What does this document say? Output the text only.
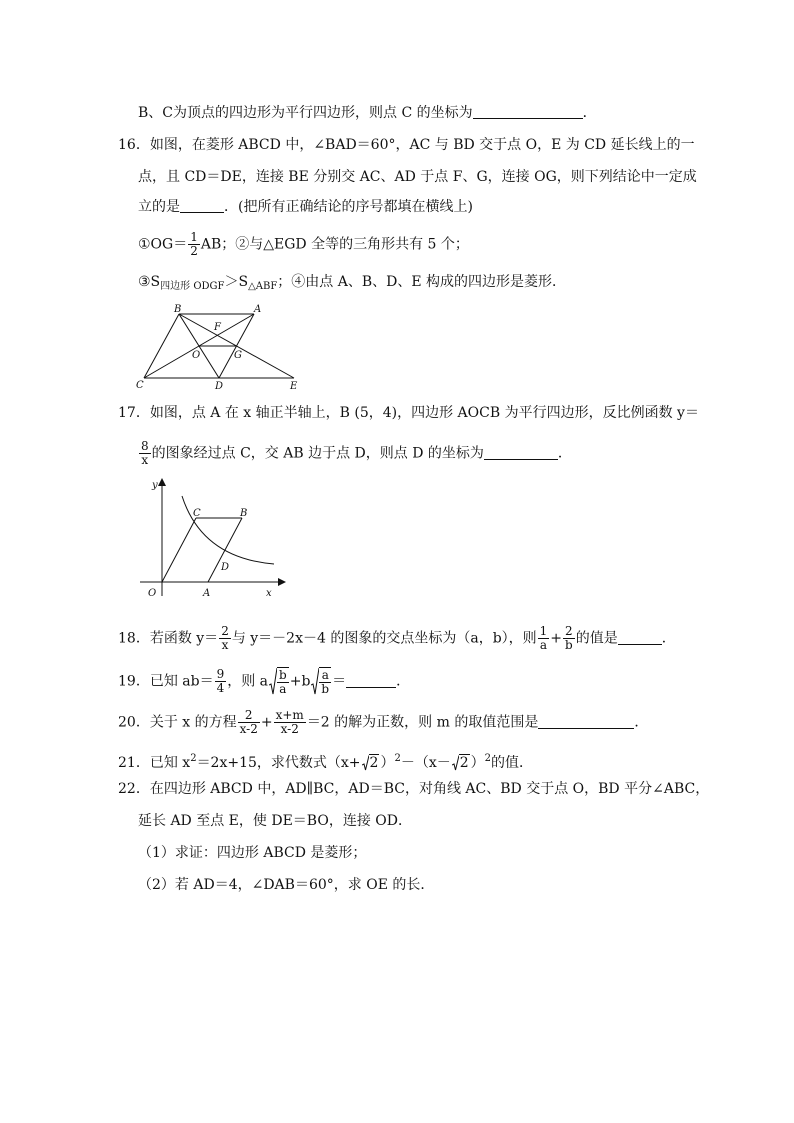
B、C为顶点的四边形为平行四边形，则点 C 的坐标为	．
16．如图，在菱形 ABCD 中，∠BAD＝60°，AC 与 BD 交于点 O，E 为 CD 延长线上的一
点，且 CD＝DE，连接 BE 分别交 AC、AD 于点 F、G，连接 OG，则下列结论中一定成
立的是	．(把所有正确结论的序号都填在横线上)
①OG＝ $\frac{1}{2}$ AB；②与△EGD 全等的三角形共有 5 个；
$③S_{四边形 ODGF}>S_{\triangle ABF}$；④由点 A、B、D、E 构成的四边形是菱形．
B	A
F
O	G
C	D	E
17．如图，点 A 在 x 轴正半轴上，B (5，4)，四边形 AOCB 为平行四边形，反比例函数 y＝
$\frac{8}{x}$ 的图象经过点 C，交 AB 边于点 D，则点 D 的坐标为	．
y
x
O	A
C	B
D
18．若函数 $y= \frac{2}{x}$ 与 y＝－2x－4 的图象的交点坐标为（a，b），则 $\frac{1}{a} + \frac{2}{b}$ 的值是	．
19．已知 $ab= \frac{9}{4}$ ，则 a $\frac{b}{a} +b \frac{a}{b}$ ＝	．
20．关于 x 的方程 $\frac{2}{x-2} + \frac{x+m}{x-2} =2$ 的解为正数，则 m 的取值范围是	．
21．已知 $x^2=2x+15$，求代数式（x+ 2 ）$^2$－（x－ 2 ）$^2$的值．
22．在四边形 ABCD 中，AD∥BC，AD＝BC，对角线 AC、BD 交于点 O，BD 平分∠ABC，
延长 AD 至点 E，使 DE＝BO，连接 OD．
（1）求证：四边形 ABCD 是菱形；
（2）若 AD＝4，∠DAB＝60°，求 OE 的长．
